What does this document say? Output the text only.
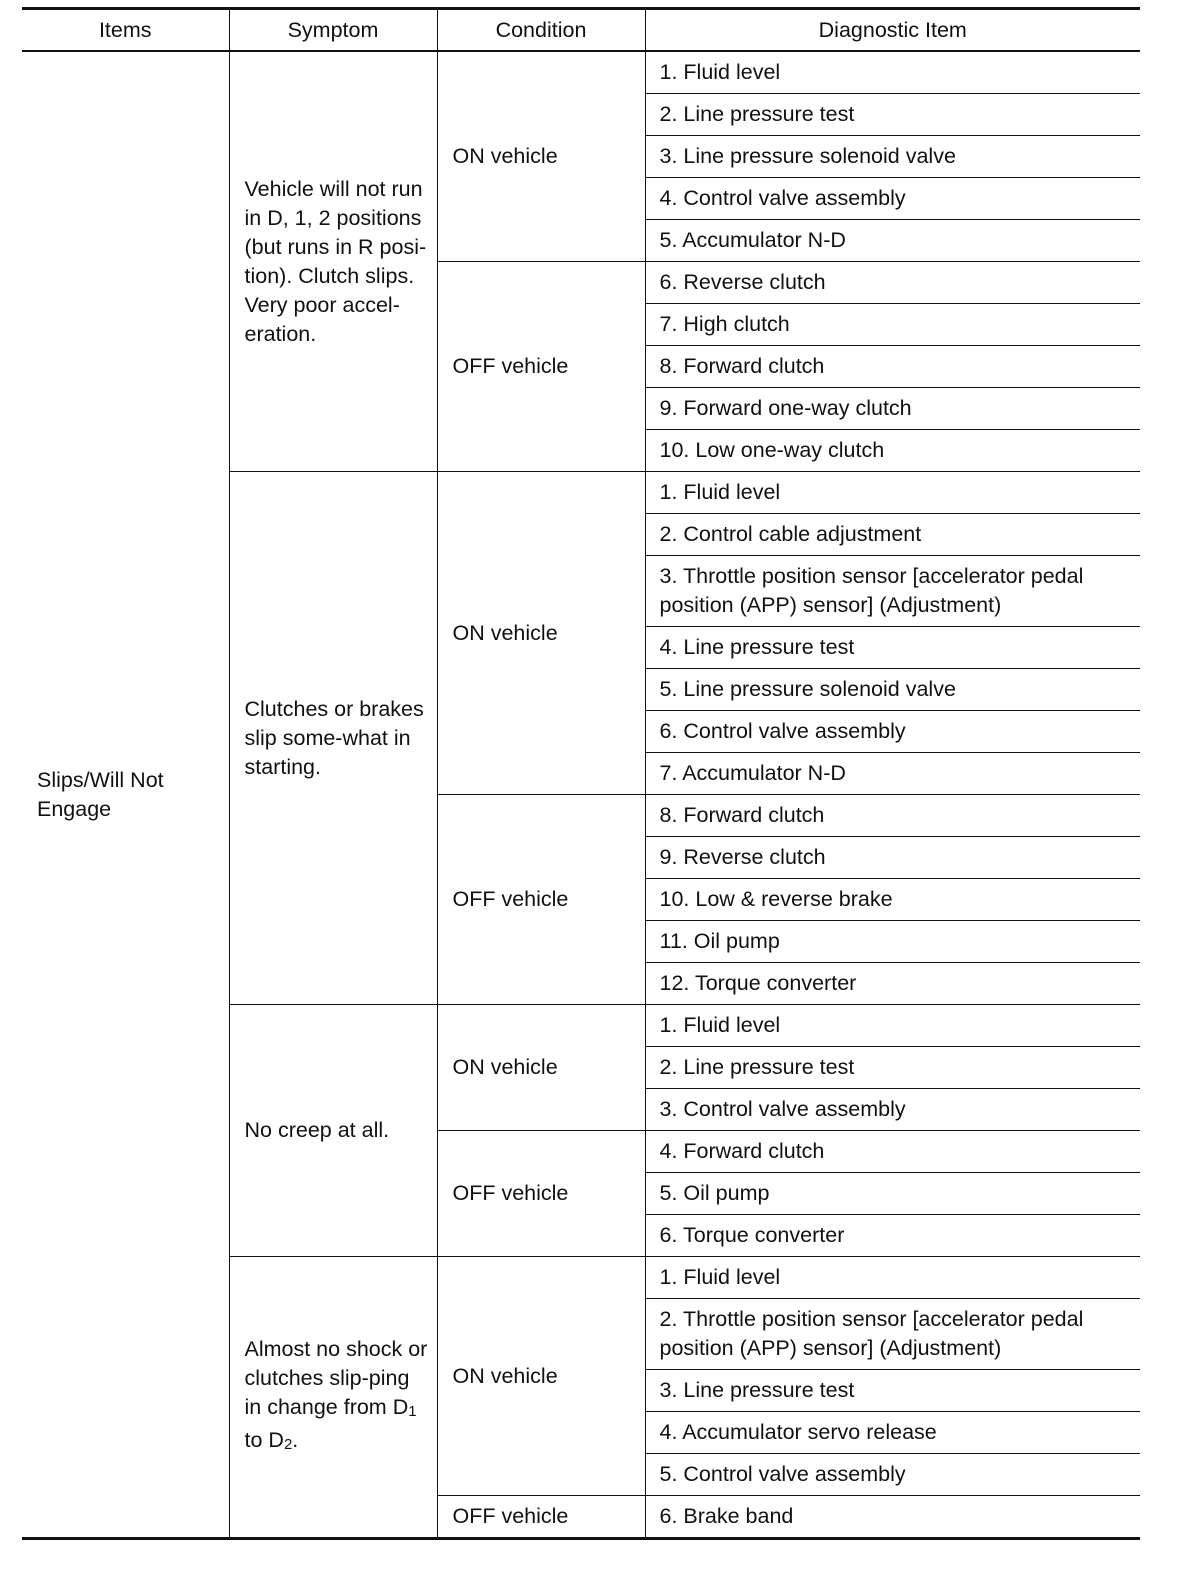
Items	Symptom	Condition	Diagnostic Item
Slips/Will Not Engage	Vehicle will not run in D, 1, 2 positions (but runs in R posi-tion). Clutch slips. Very poor accel-eration.	ON vehicle	1. Fluid level
			2. Line pressure test
			3. Line pressure solenoid valve
			4. Control valve assembly
			5. Accumulator N-D
		OFF vehicle	6. Reverse clutch
			7. High clutch
			8. Forward clutch
			9. Forward one-way clutch
			10. Low one-way clutch
	Clutches or brakes slip some-what in starting.	ON vehicle	1. Fluid level
			2. Control cable adjustment
			3. Throttle position sensor [accelerator pedal position (APP) sensor] (Adjustment)
			4. Line pressure test
			5. Line pressure solenoid valve
			6. Control valve assembly
			7. Accumulator N-D
		OFF vehicle	8. Forward clutch
			9. Reverse clutch
			10. Low & reverse brake
			11. Oil pump
			12. Torque converter
	No creep at all.	ON vehicle	1. Fluid level
			2. Line pressure test
			3. Control valve assembly
		OFF vehicle	4. Forward clutch
			5. Oil pump
			6. Torque converter
	Almost no shock or clutches slip-ping in change from $D_1$ to $D_2$.	ON vehicle	1. Fluid level
			2. Throttle position sensor [accelerator pedal position (APP) sensor] (Adjustment)
			3. Line pressure test
			4. Accumulator servo release
			5. Control valve assembly
		OFF vehicle	6. Brake band
